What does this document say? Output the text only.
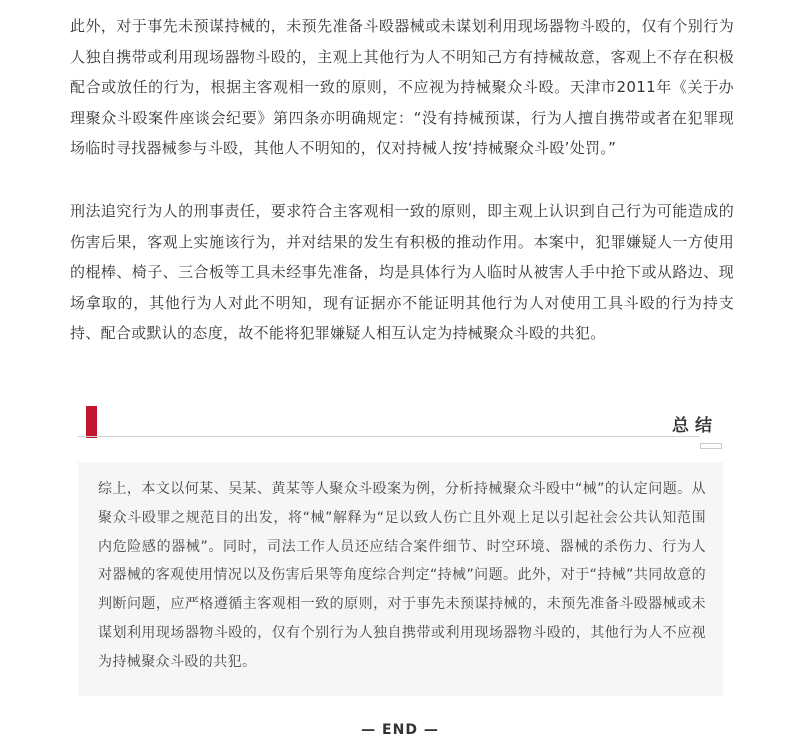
此外，对于事先未预谋持械的，未预先准备斗殴器械或未谋划利用现场器物斗殴的，仅有个别行为人独自携带或利用现场器物斗殴的，主观上其他行为人不明知己方有持械故意，客观上不存在积极配合或放任的行为，根据主客观相一致的原则，不应视为持械聚众斗殴。天津市2011年《关于办理聚众斗殴案件座谈会纪要》第四条亦明确规定：“没有持械预谋，行为人擅自携带或者在犯罪现场临时寻找器械参与斗殴，其他人不明知的，仅对持械人按‘持械聚众斗殴’处罚。”

刑法追究行为人的刑事责任，要求符合主客观相一致的原则，即主观上认识到自己行为可能造成的伤害后果，客观上实施该行为，并对结果的发生有积极的推动作用。本案中，犯罪嫌疑人一方使用的棍棒、椅子、三合板等工具未经事先准备，均是具体行为人临时从被害人手中抢下或从路边、现场拿取的，其他行为人对此不明知，现有证据亦不能证明其他行为人对使用工具斗殴的行为持支持、配合或默认的态度，故不能将犯罪嫌疑人相互认定为持械聚众斗殴的共犯。

总结

综上，本文以何某、吴某、黄某等人聚众斗殴案为例，分析持械聚众斗殴中“械”的认定问题。从聚众斗殴罪之规范目的出发，将“械”解释为“足以致人伤亡且外观上足以引起社会公共认知范围内危险感的器械”。同时，司法工作人员还应结合案件细节、时空环境、器械的杀伤力、行为人对器械的客观使用情况以及伤害后果等角度综合判定“持械”问题。此外，对于“持械”共同故意的判断问题，应严格遵循主客观相一致的原则，对于事先未预谋持械的，未预先准备斗殴器械或未谋划利用现场器物斗殴的，仅有个别行为人独自携带或利用现场器物斗殴的，其他行为人不应视为持械聚众斗殴的共犯。

— END —
